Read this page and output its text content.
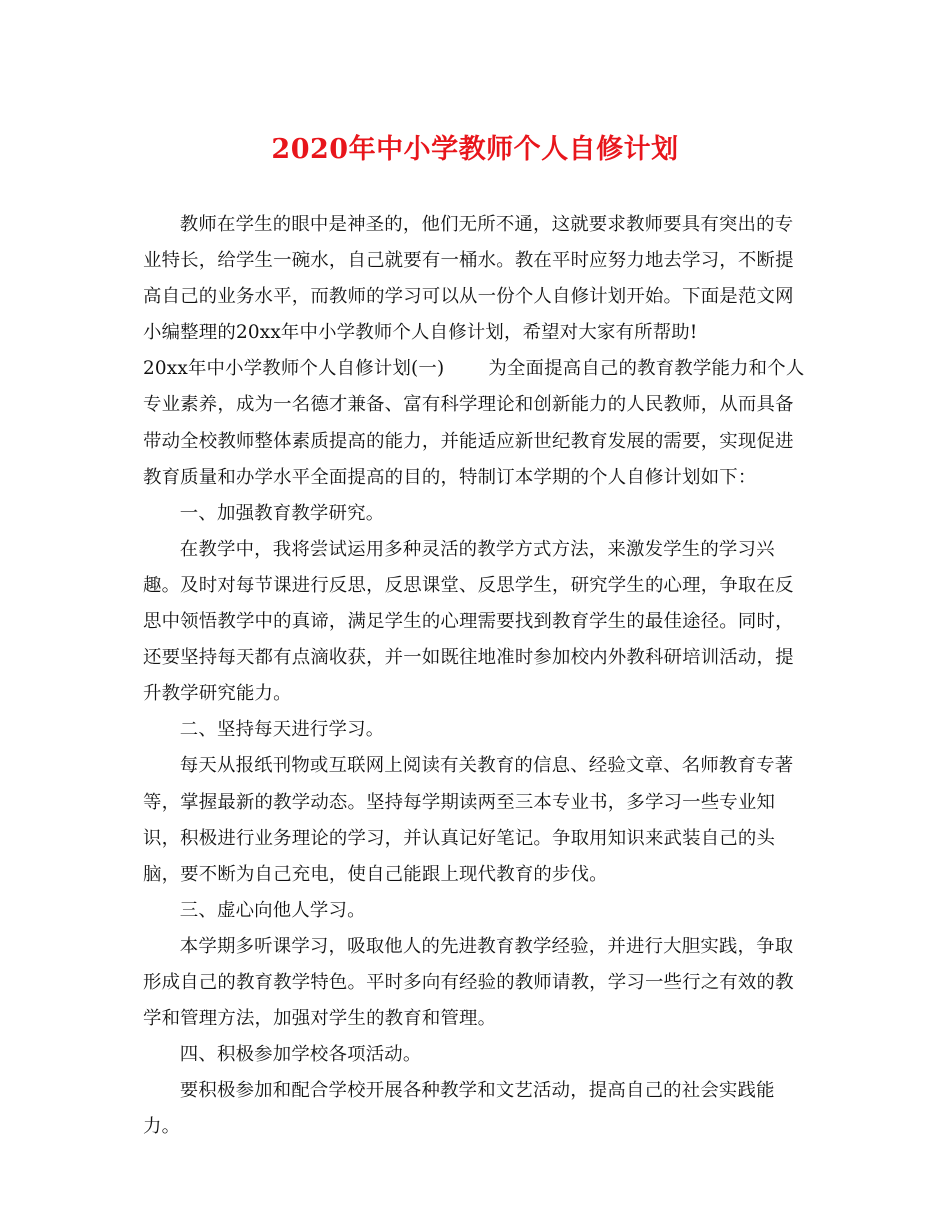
2020年中小学教师个人自修计划

教师在学生的眼中是神圣的，他们无所不通，这就要求教师要具有突出的专业特长，给学生一碗水，自己就要有一桶水。教在平时应努力地去学习，不断提高自己的业务水平，而教师的学习可以从一份个人自修计划开始。下面是范文网小编整理的20xx年中小学教师个人自修计划，希望对大家有所帮助!

20xx年中小学教师个人自修计划(一) 为全面提高自己的教育教学能力和个人专业素养，成为一名德才兼备、富有科学理论和创新能力的人民教师，从而具备带动全校教师整体素质提高的能力，并能适应新世纪教育发展的需要，实现促进教育质量和办学水平全面提高的目的，特制订本学期的个人自修计划如下：

一、加强教育教学研究。

在教学中，我将尝试运用多种灵活的教学方式方法，来激发学生的学习兴趣。及时对每节课进行反思，反思课堂、反思学生，研究学生的心理，争取在反思中领悟教学中的真谛，满足学生的心理需要找到教育学生的最佳途径。同时，还要坚持每天都有点滴收获，并一如既往地准时参加校内外教科研培训活动，提升教学研究能力。

二、坚持每天进行学习。

每天从报纸刊物或互联网上阅读有关教育的信息、经验文章、名师教育专著等，掌握最新的教学动态。坚持每学期读两至三本专业书，多学习一些专业知识，积极进行业务理论的学习，并认真记好笔记。争取用知识来武装自己的头脑，要不断为自己充电，使自己能跟上现代教育的步伐。

三、虚心向他人学习。

本学期多听课学习，吸取他人的先进教育教学经验，并进行大胆实践，争取形成自己的教育教学特色。平时多向有经验的教师请教，学习一些行之有效的教学和管理方法，加强对学生的教育和管理。

四、积极参加学校各项活动。

要积极参加和配合学校开展各种教学和文艺活动，提高自己的社会实践能力。
